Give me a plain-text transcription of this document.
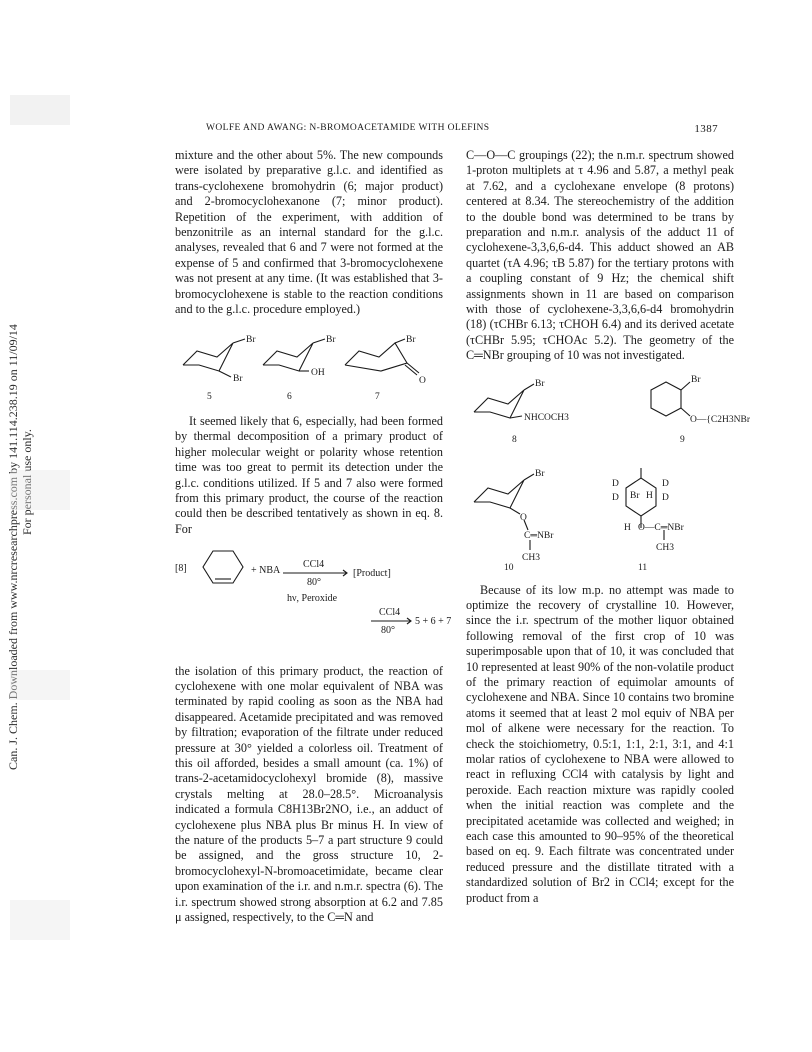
WOLFE AND AWANG: N-BROMOACETAMIDE WITH OLEFINS	1387
Can. J. Chem. Downloaded from www.nrcresearchpress.com by 141.114.238.19 on 11/09/14 For personal use only.

mixture and the other about 5%. The new compounds were isolated by preparative g.l.c. and identified as trans-cyclohexene bromohydrin (6; major product) and 2-bromocyclohexanone (7; minor product). Repetition of the experiment, with addition of benzonitrile as an internal standard for the g.l.c. analyses, revealed that 6 and 7 were not formed at the expense of 5 and confirmed that 3-bromocyclohexene was not present at any time. (It was established that 3-bromocyclohexene is stable to the reaction conditions and to the g.l.c. procedure employed.)

Br
Br
Br
OH
Br
O
5	6	7

It seemed likely that 6, especially, had been formed by thermal decomposition of a primary product of higher molecular weight or polarity whose retention time was too great to permit its detection under the g.l.c. conditions utilized. If 5 and 7 also were formed from this primary product, the course of the reaction could then be described tentatively as shown in eq. 8. For

[8]	+ NBA
CCl4
80°
[Product]
hν, Peroxide
CCl4
80°
5 + 6 + 7

the isolation of this primary product, the reaction of cyclohexene with one molar equivalent of NBA was terminated by rapid cooling as soon as the NBA had disappeared. Acetamide precipitated and was removed by filtration; evaporation of the filtrate under reduced pressure at 30° yielded a colorless oil. Treatment of this oil afforded, besides a small amount (ca. 1%) of trans-2-acetamidocyclohexyl bromide (8), massive crystals melting at 28.0–28.5°. Microanalysis indicated a formula C8H13Br2NO, i.e., an adduct of cyclohexene plus NBA plus Br minus H. In view of the nature of the products 5–7 a part structure 9 could be assigned, and the gross structure 10, 2-bromocyclohexyl-N-bromoacetimidate, became clear upon examination of the i.r. and n.m.r. spectra (6). The i.r. spectrum showed strong absorption at 6.2 and 7.85 μ assigned, respectively, to the C═N and

C—O—C groupings (22); the n.m.r. spectrum showed 1-proton multiplets at τ 4.96 and 5.87, a methyl peak at 7.62, and a cyclohexane envelope (8 protons) centered at 8.34. The stereochemistry of the addition to the double bond was determined to be trans by preparation and n.m.r. analysis of the adduct 11 of cyclohexene-3,3,6,6-d4. This adduct showed an AB quartet (τA 4.96; τB 5.87) for the tertiary protons with a coupling constant of 9 Hz; the chemical shift assignments shown in 11 are based on comparison with those of cyclohexene-3,3,6,6-d4 bromohydrin (18) (τCHBr 6.13; τCHOH 6.4) and its derived acetate (τCHBr 5.95; τCHOAc 5.2). The geometry of the C═NBr grouping of 10 was not investigated.

Br
NHCOCH3
Br
O—{C2H3NBr
8	9
Br
O
C═NBr
CH3
D
D
D
D
Br H
H O—C═NBr
CH3
10	11

Because of its low m.p. no attempt was made to optimize the recovery of crystalline 10. However, since the i.r. spectrum of the mother liquor obtained following removal of the first crop of 10 was superimposable upon that of 10, it was concluded that 10 represented at least 90% of the non-volatile product of the primary reaction of equimolar amounts of cyclohexene and NBA. Since 10 contains two bromine atoms it seemed that at least 2 mol equiv of NBA per mol of alkene were necessary for the reaction. To check the stoichiometry, 0.5:1, 1:1, 2:1, 3:1, and 4:1 molar ratios of cyclohexene to NBA were allowed to react in refluxing CCl4 with catalysis by light and peroxide. Each reaction mixture was rapidly cooled when the initial reaction was complete and the precipitated acetamide was collected and weighed; in each case this amounted to 90–95% of the theoretical based on eq. 9. Each filtrate was concentrated under reduced pressure and the distillate titrated with a standardized solution of Br2 in CCl4; except for the product from a
